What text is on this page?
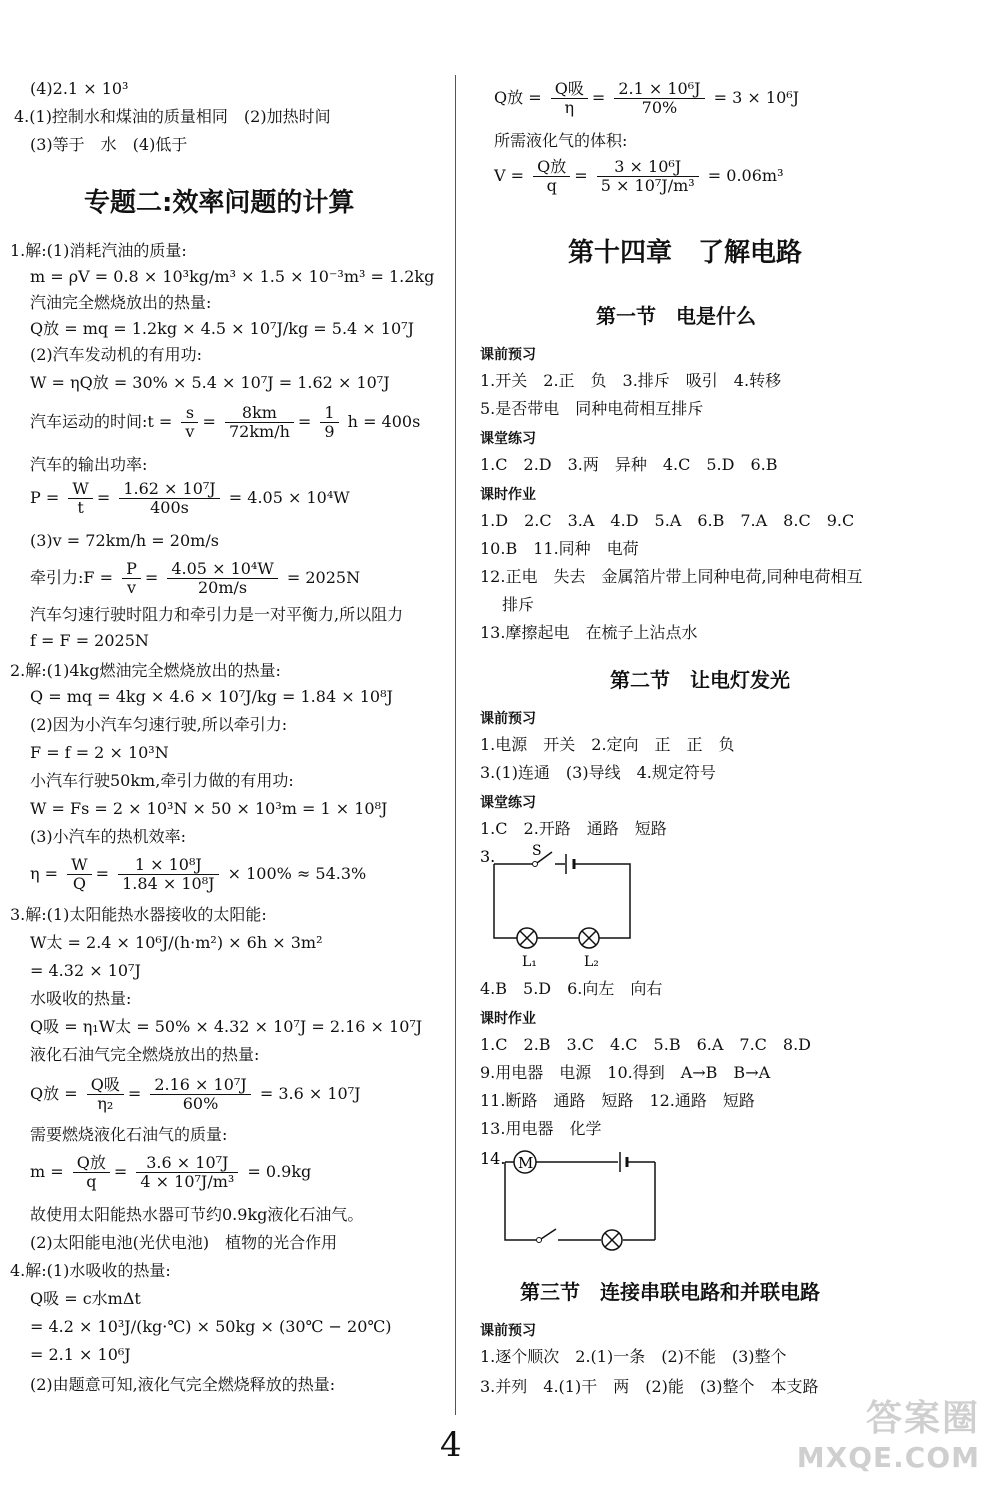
(4)2.1 × 10³
4.(1)控制水和煤油的质量相同　(2)加热时间
(3)等于　水　(4)低于
专题二:效率问题的计算
1.解:(1)消耗汽油的质量:
m = ρV = 0.8 × 10³kg/m³ × 1.5 × 10⁻³m³ = 1.2kg
汽油完全燃烧放出的热量:
Q放 = mq = 1.2kg × 4.5 × 10⁷J/kg = 5.4 × 10⁷J
(2)汽车发动机的有用功:
W = ηQ放 = 30% × 5.4 × 10⁷J = 1.62 × 10⁷J
汽车运动的时间:t = $\frac{s}{v} = \frac{8km}{72km/h} = \frac{1}{9}$ h = 400s
汽车的输出功率:
$P = \frac{W}{t} = \frac{\text{1.62 × 10⁷J}}{400s} = 4.05 \times 10^4W$
(3)v = 72km/h = 20m/s
牵引力:F = $\frac{P}{v} = \frac{\text{4.05 × 10⁴W}}{20m/s} = 2025N$
汽车匀速行驶时阻力和牵引力是一对平衡力,所以阻力
f = F = 2025N
2.解:(1)4kg燃油完全燃烧放出的热量:
Q = mq = 4kg × 4.6 × 10⁷J/kg = 1.84 × 10⁸J
(2)因为小汽车匀速行驶,所以牵引力:
F = f = 2 × 10³N
小汽车行驶50km,牵引力做的有用功:
W = Fs = 2 × 10³N × 50 × 10³m = 1 × 10⁸J
(3)小汽车的热机效率:
$\eta = \frac{W}{Q} = \frac{\text{1 × 10⁸J}}{\text{1.84 × 10⁸J}} \times 100\% \approx 54.3\%$
3.解:(1)太阳能热水器接收的太阳能:
W太 = 2.4 × 10⁶J/(h·m²) × 6h × 3m²
= 4.32 × 10⁷J
水吸收的热量:
Q吸 = η₁W太 = 50% × 4.32 × 10⁷J = 2.16 × 10⁷J
液化石油气完全燃烧放出的热量:
Q放 = $\frac{\text{Q吸}}{\text{η₂}} = \frac{\text{2.16 × 10⁷J}}{60\%} = 3.6 \times 10^7J$
需要燃烧液化石油气的质量:
$m = \frac{\text{Q放}}{q} = \frac{\text{3.6 × 10⁷J}}{\text{4 × 10⁷J/m³}} = 0.9kg$
故使用太阳能热水器可节约0.9kg液化石油气。
(2)太阳能电池(光伏电池)　植物的光合作用
4.解:(1)水吸收的热量:
Q吸 = c水mΔt
= 4.2 × 10³J/(kg·℃) × 50kg × (30℃ − 20℃)
= 2.1 × 10⁶J
(2)由题意可知,液化气完全燃烧释放的热量:
Q放 = $\frac{\text{Q吸}}{\eta} = \frac{\text{2.1 × 10⁶J}}{70\%} = 3 \times 10^6J$
所需液化气的体积:
$V = \frac{\text{Q放}}{q} = \frac{\text{3 × 10⁶J}}{\text{5 × 10⁷J/m³}} = 0.06m^3$
第十四章　了解电路
第一节　电是什么
课前预习
1.开关　2.正　负　3.排斥　吸引　4.转移
5.是否带电　同种电荷相互排斥
课堂练习
1.C　2.D　3.两　异种　4.C　5.D　6.B
课时作业
1.D　2.C　3.A　4.D　5.A　6.B　7.A　8.C　9.C
10.B　11.同种　电荷
12.正电　失去　金属箔片带上同种电荷,同种电荷相互
排斥
13.摩擦起电　在梳子上沾点水
第二节　让电灯发光
课前预习
1.电源　开关　2.定向　正　正　负
3.(1)连通　(3)导线　4.规定符号
课堂练习
1.C　2.开路　通路　短路
3.	S
L₁	L₂
4.B　5.D　6.向左　向右
课时作业
1.C　2.B　3.C　4.C　5.B　6.A　7.C　8.D
9.用电器　电源　10.得到　A→B　B→A
11.断路　通路　短路　12.通路　短路
13.用电器　化学
14. M
第三节　连接串联电路和并联电路
课前预习
1.逐个顺次　2.(1)一条　(2)不能　(3)整个
3.并列　4.(1)干　两　(2)能　(3)整个　本支路
4
答案圈
MXQE.COM
